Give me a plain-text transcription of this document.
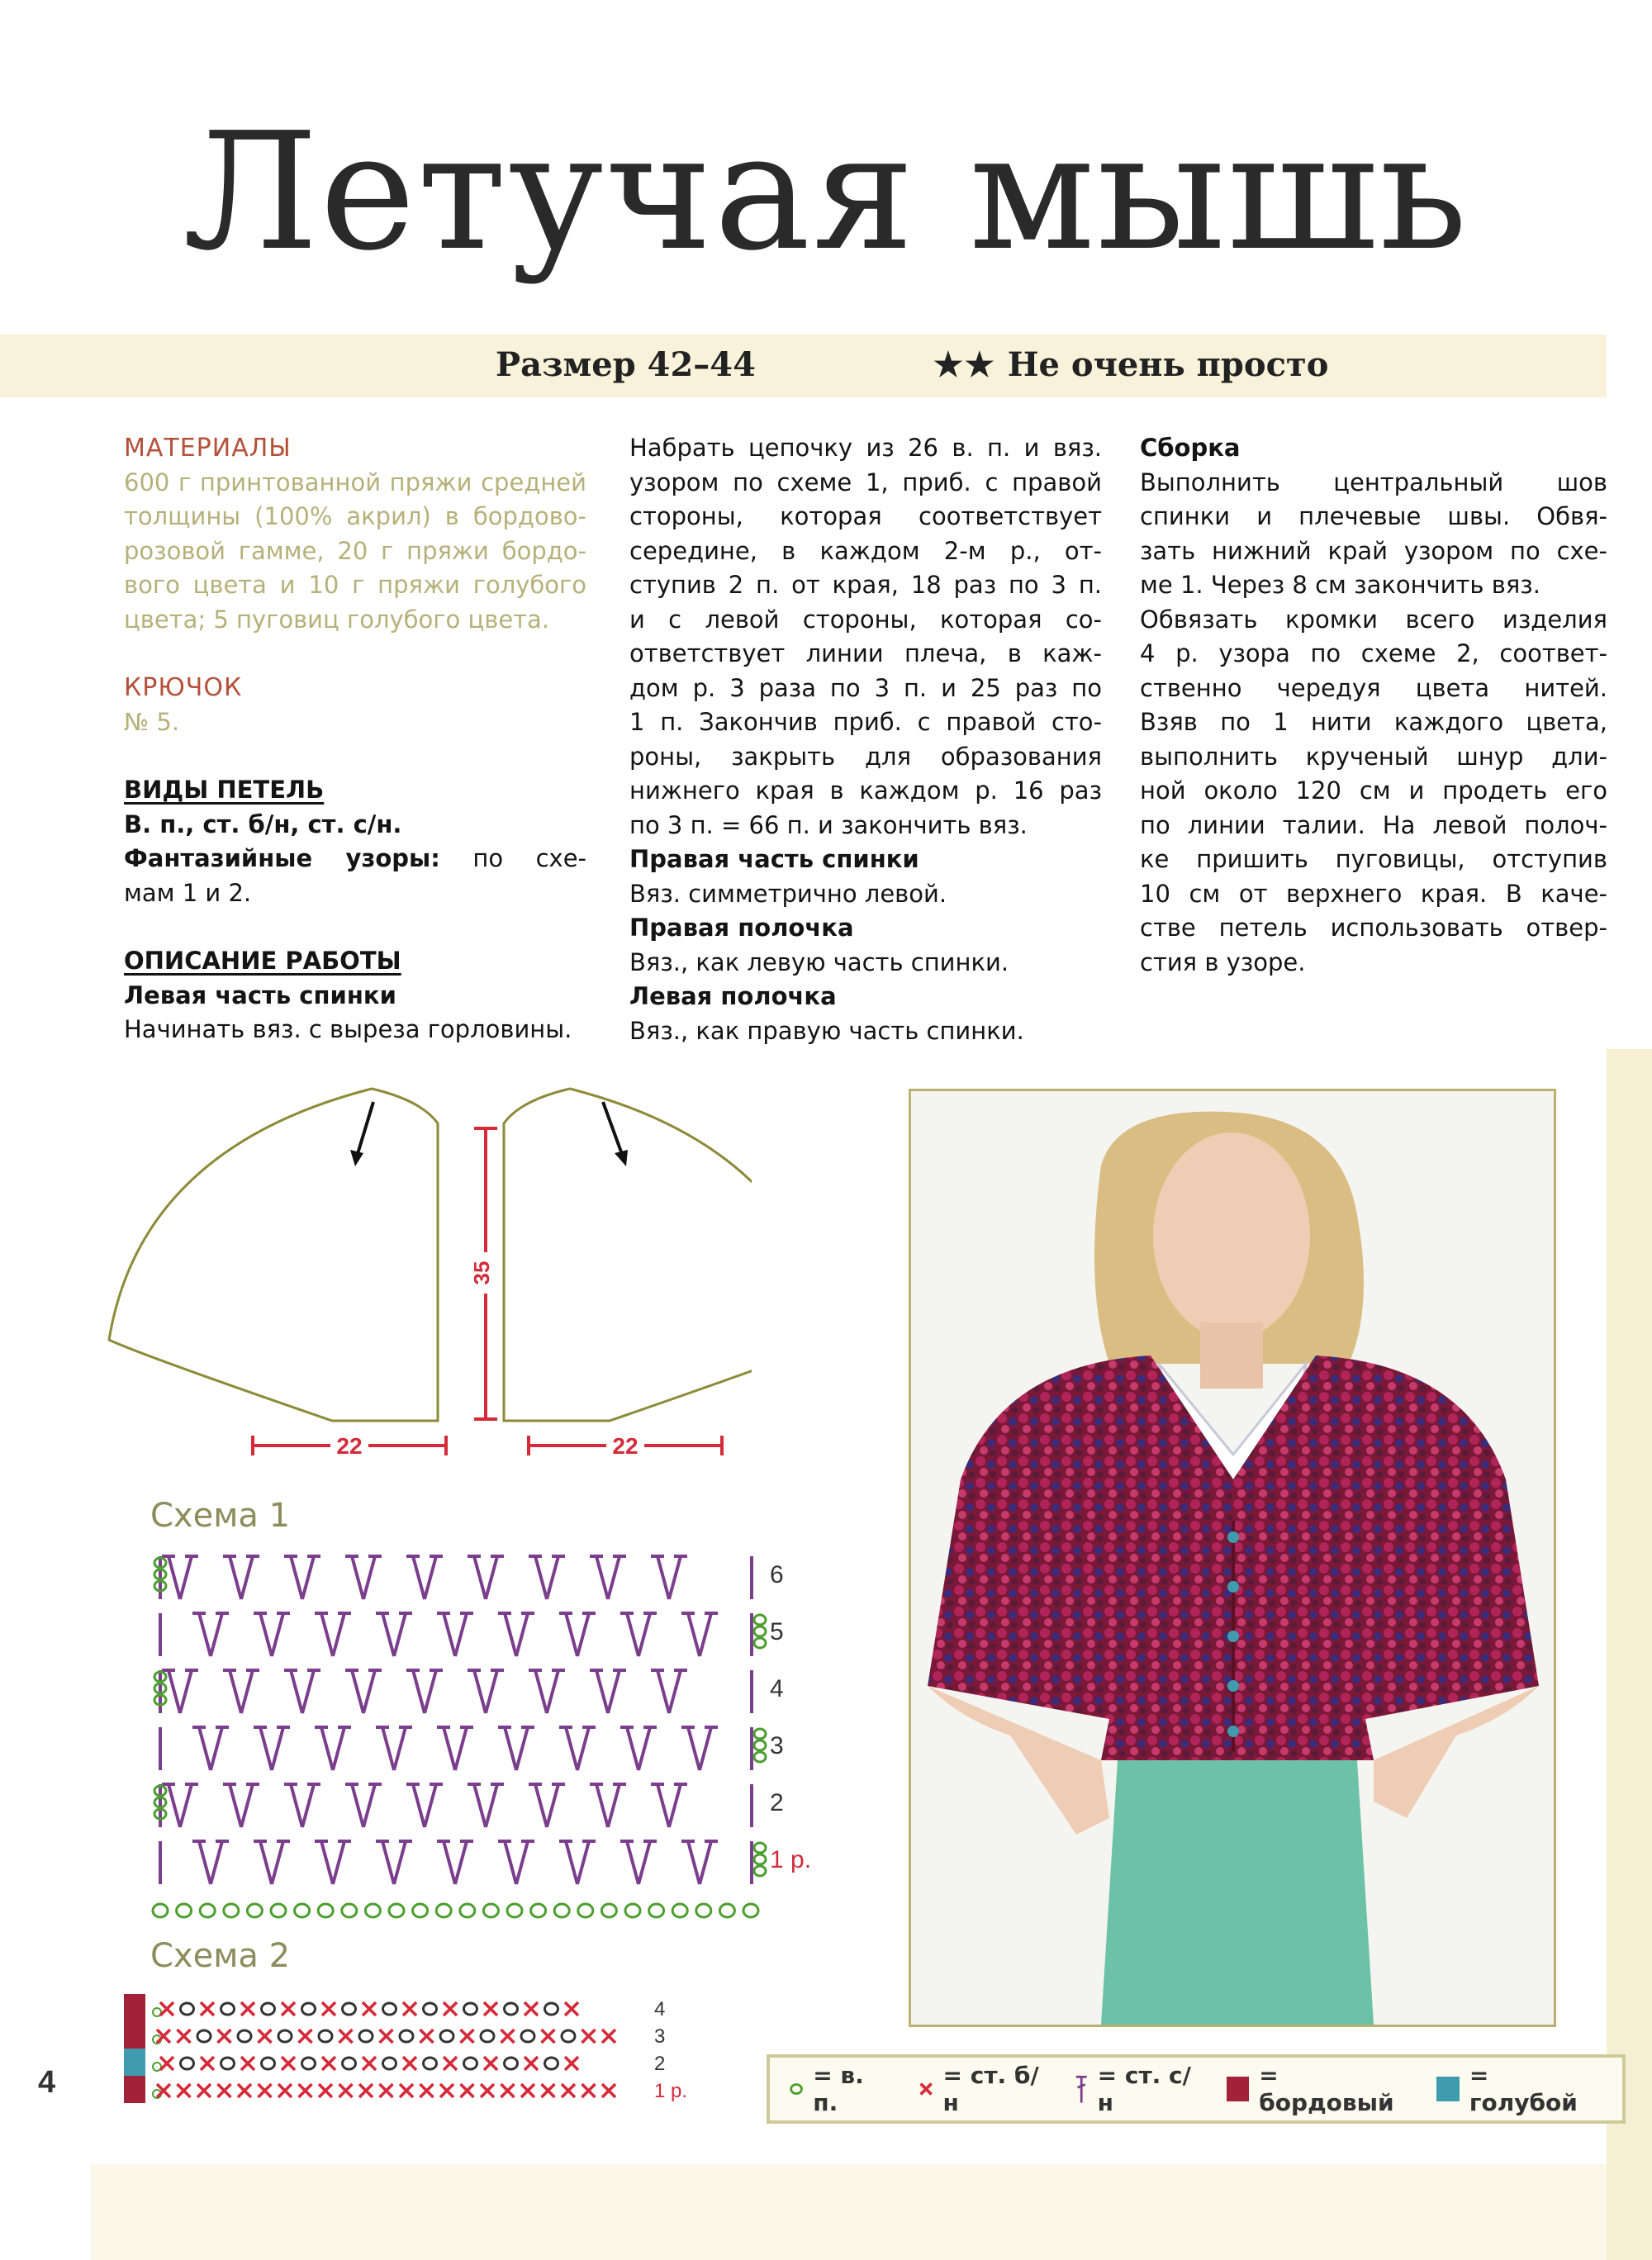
Летучая мышь
Размер 42–44	★★ Не очень просто

МАТЕРИАЛЫ

600 г принтованной пряжи средней

толщины (100% акрил) в бордово-

розовой гамме, 20 г пряжи бордо-

вого цвета и 10 г пряжи голубого

цвета; 5 пуговиц голубого цвета.

КРЮЧОК

№ 5.

ВИДЫ ПЕТЕЛЬ

В. п., ст. б/н, ст. с/н.

Фантазийные узоры: по схе-

мам 1 и 2.

ОПИСАНИЕ РАБОТЫ

Левая часть спинки

Начинать вяз. с выреза горловины.

Набрать цепочку из 26 в. п. и вяз.

узором по схеме 1, приб. с правой

стороны, которая соответствует

середине, в каждом 2-м р., от-

ступив 2 п. от края, 18 раз по 3 п.

и с левой стороны, которая со-

ответствует линии плеча, в каж-

дом р. 3 раза по 3 п. и 25 раз по

1 п. Закончив приб. с правой сто-

роны, закрыть для образования

нижнего края в каждом р. 16 раз

по 3 п. = 66 п. и закончить вяз.

Правая часть спинки

Вяз. симметрично левой.

Правая полочка

Вяз., как левую часть спинки.

Левая полочка

Вяз., как правую часть спинки.

Сборка

Выполнить центральный шов

спинки и плечевые швы. Обвя-

зать нижний край узором по схе-

ме 1. Через 8 см закончить вяз.

Обвязать кромки всего изделия

4 р. узора по схеме 2, соответ-

ственно чередуя цвета нитей.

Взяв по 1 нити каждого цвета,

выполнить крученый шнур дли-

ной около 120 см и продеть его

по линии талии. На левой полоч-

ке пришить пуговицы, отступив

10 см от верхнего края. В каче-

стве петель использовать отвер-

стия в узоре.

35
22	22
Схема 1
6
5
4
3
2
1 р.
Схема 2
4
3
2
1 р.
= в. п.
= ст. б/н
= ст. с/н
= бордовый
= голубой
4
